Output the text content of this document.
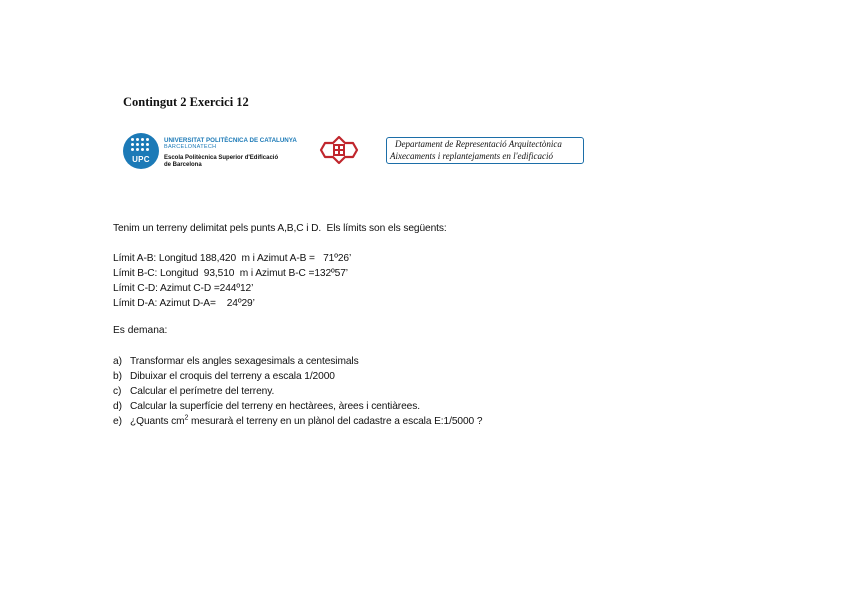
Contingut 2 Exercici 12
UPC
UNIVERSITAT POLITÈCNICA DE CATALUNYA
BARCELONATECH
Escola Politècnica Superior d'Edificació
de Barcelona
Departament de Representació Arquitectònica
Aixecaments i replantejaments en l'edificació
Tenim un terreny delimitat pels punts A,B,C i D.  Els límits son els següents:
Límit A-B: Longitud 188,420  m i Azimut A-B =   71º26’
Límit B-C: Longitud  93,510  m i Azimut B-C =132º57’
Límit C-D: Azimut C-D =244º12’
Límit D-A: Azimut D-A=    24º29’
Es demana:
a) Transformar els angles sexagesimals a centesimals
b) Dibuixar el croquis del terreny a escala 1/2000
c) Calcular el perímetre del terreny.
d) Calcular la superfície del terreny en hectàrees, àrees i centiàrees.
e) ¿Quants $cm^2$ mesurarà el terreny en un plànol del cadastre a escala E:1/5000 ?
